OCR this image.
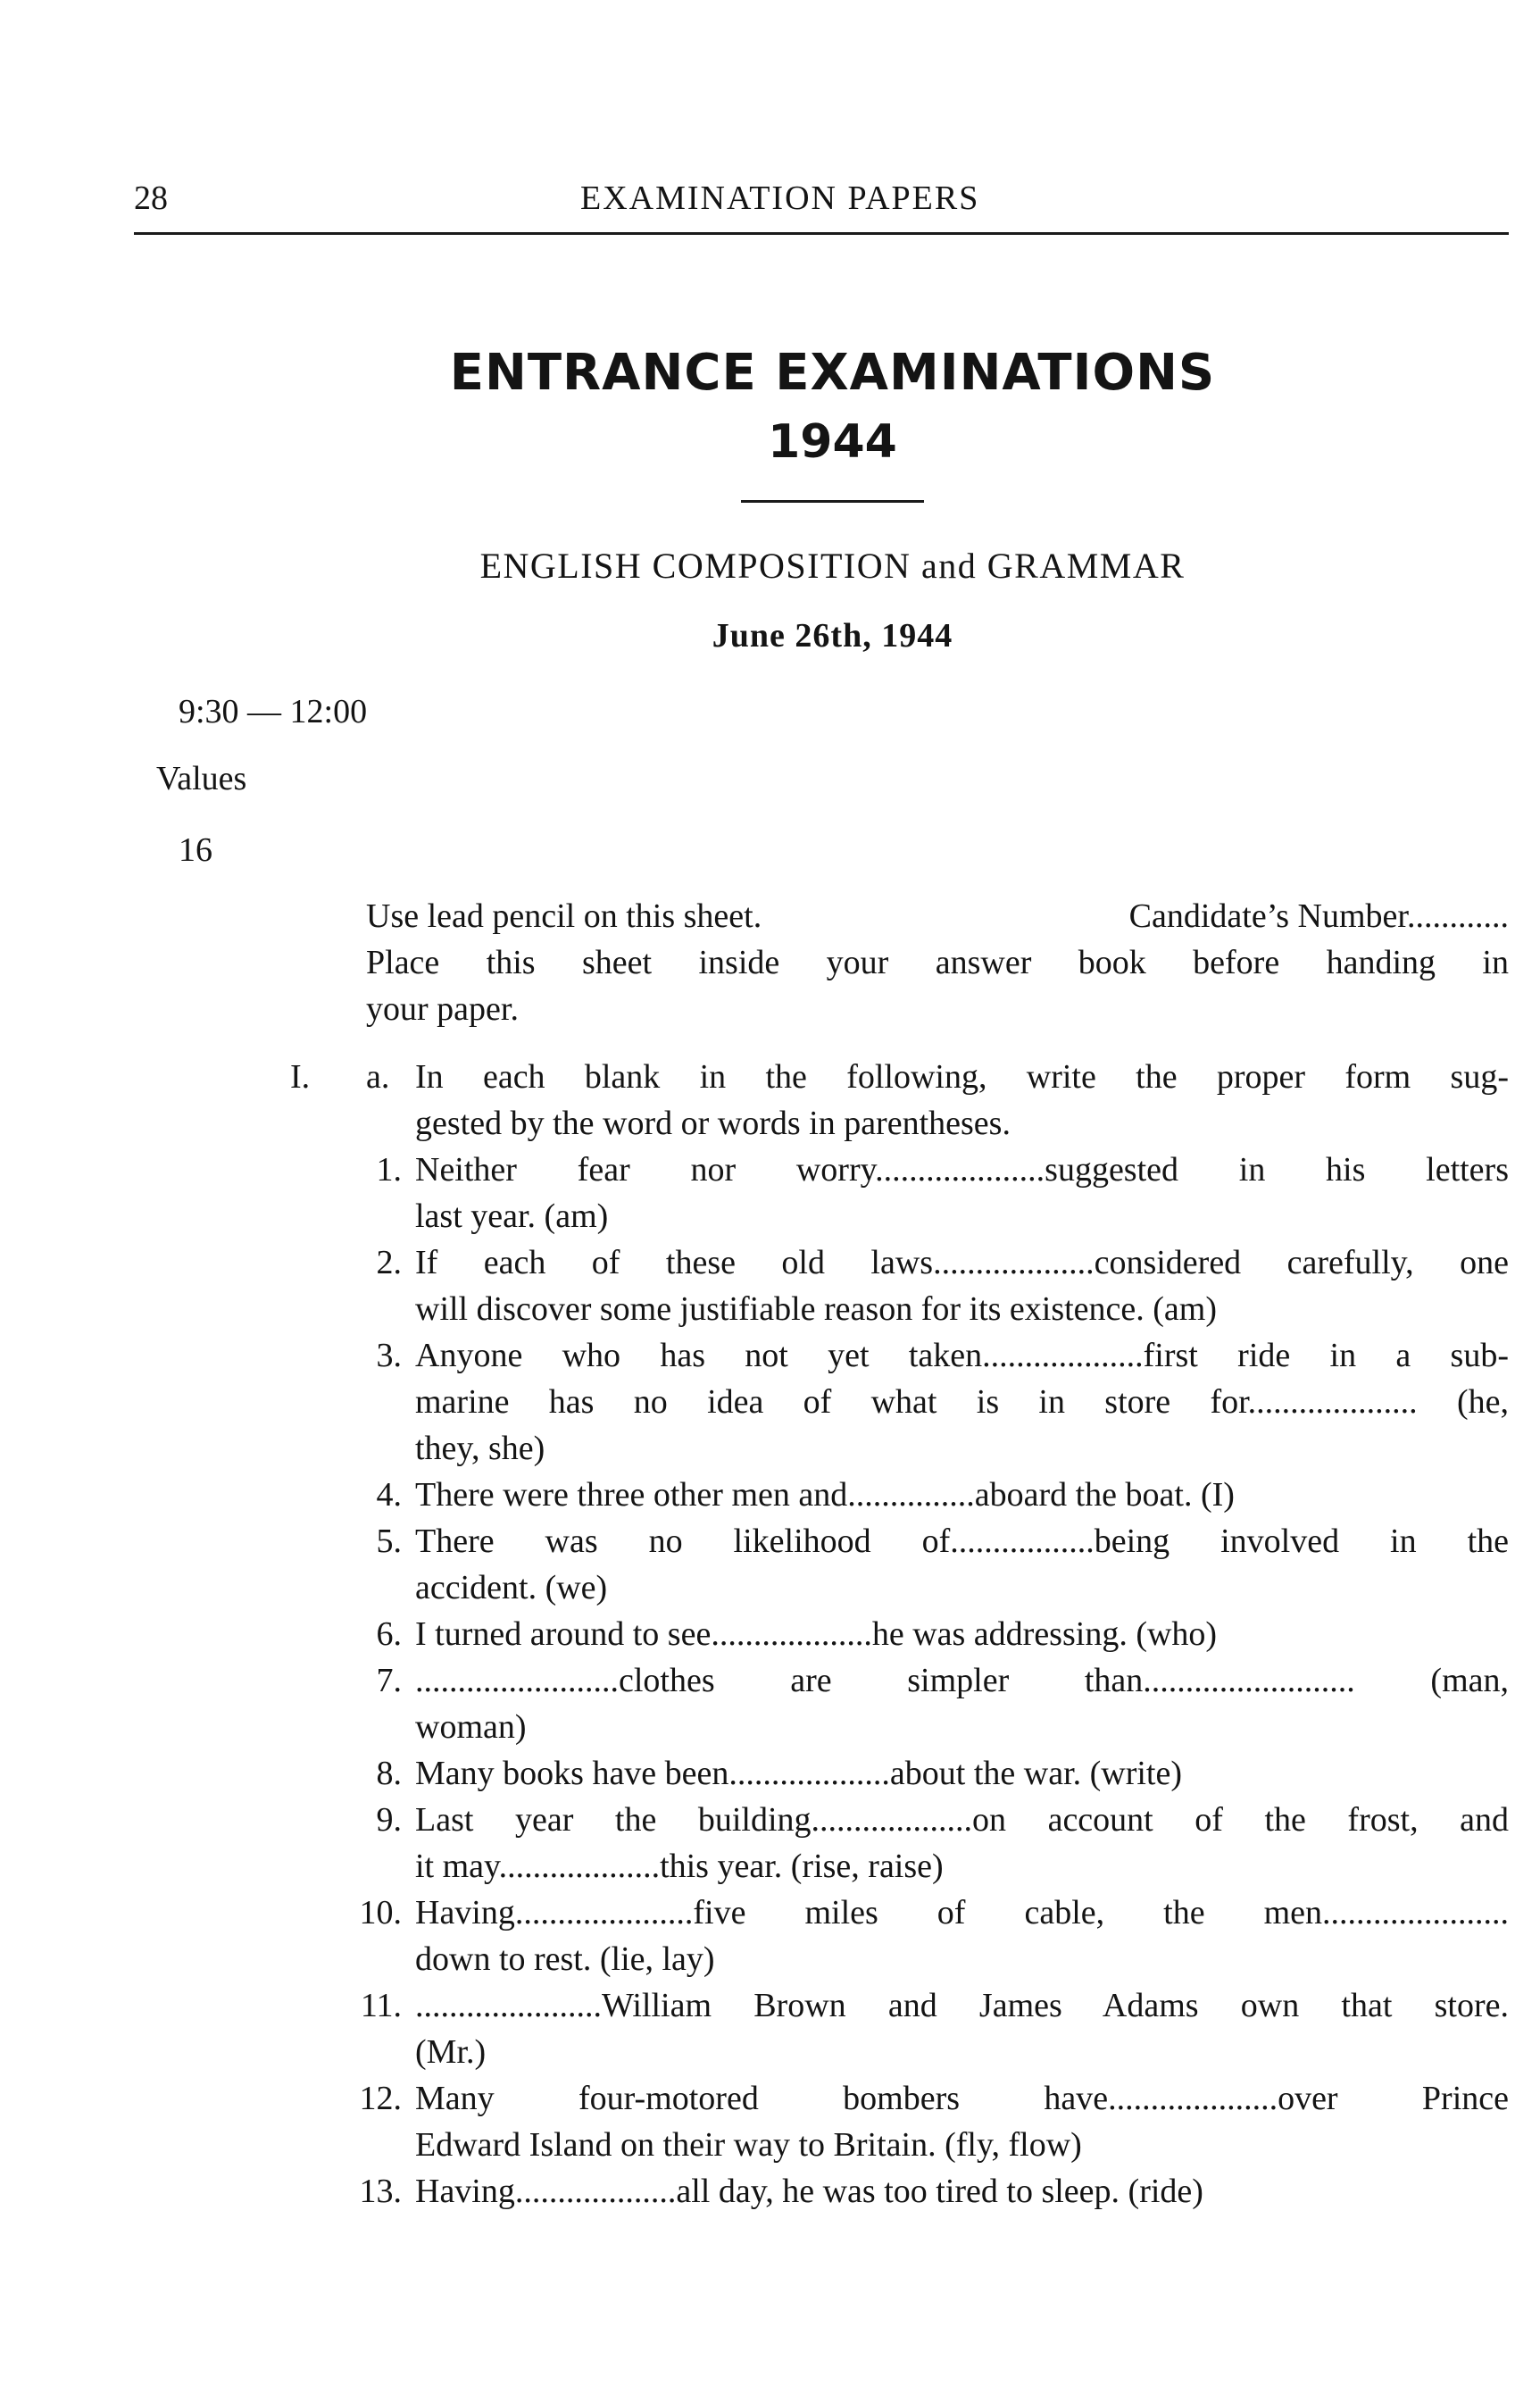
28	EXAMINATION PAPERS
ENTRANCE EXAMINATIONS
1944
ENGLISH COMPOSITION and GRAMMAR
June 26th, 1944
9:30 — 12:00
Values
16
Use lead pencil on this sheet.	Candidate’s Number............
Place this sheet inside your answer book before handing in
your paper.
I.	a. In each blank in the following, write the proper form sug-
gested by the word or words in parentheses.
1. Neither fear nor worry....................suggested in his letters
last year. (am)
2. If each of these old laws...................considered carefully, one
will discover some justifiable reason for its existence. (am)
3. Anyone who has not yet taken...................first ride in a sub-
marine has no idea of what is in store for.................... (he,
they, she)
4. There were three other men and...............aboard the boat. (I)
5. There was no likelihood of.................being involved in the
accident. (we)
6. I turned around to see...................he was addressing. (who)
7. ........................clothes are simpler than......................... (man,
woman)
8. Many books have been...................about the war. (write)
9. Last year the building...................on account of the frost, and
it may...................this year. (rise, raise)
10. Having.....................five miles of cable, the men......................
down to rest. (lie, lay)
11. ......................William Brown and James Adams own that store.
(Mr.)
12. Many four-motored bombers have....................over Prince
Edward Island on their way to Britain. (fly, flow)
13. Having...................all day, he was too tired to sleep. (ride)
